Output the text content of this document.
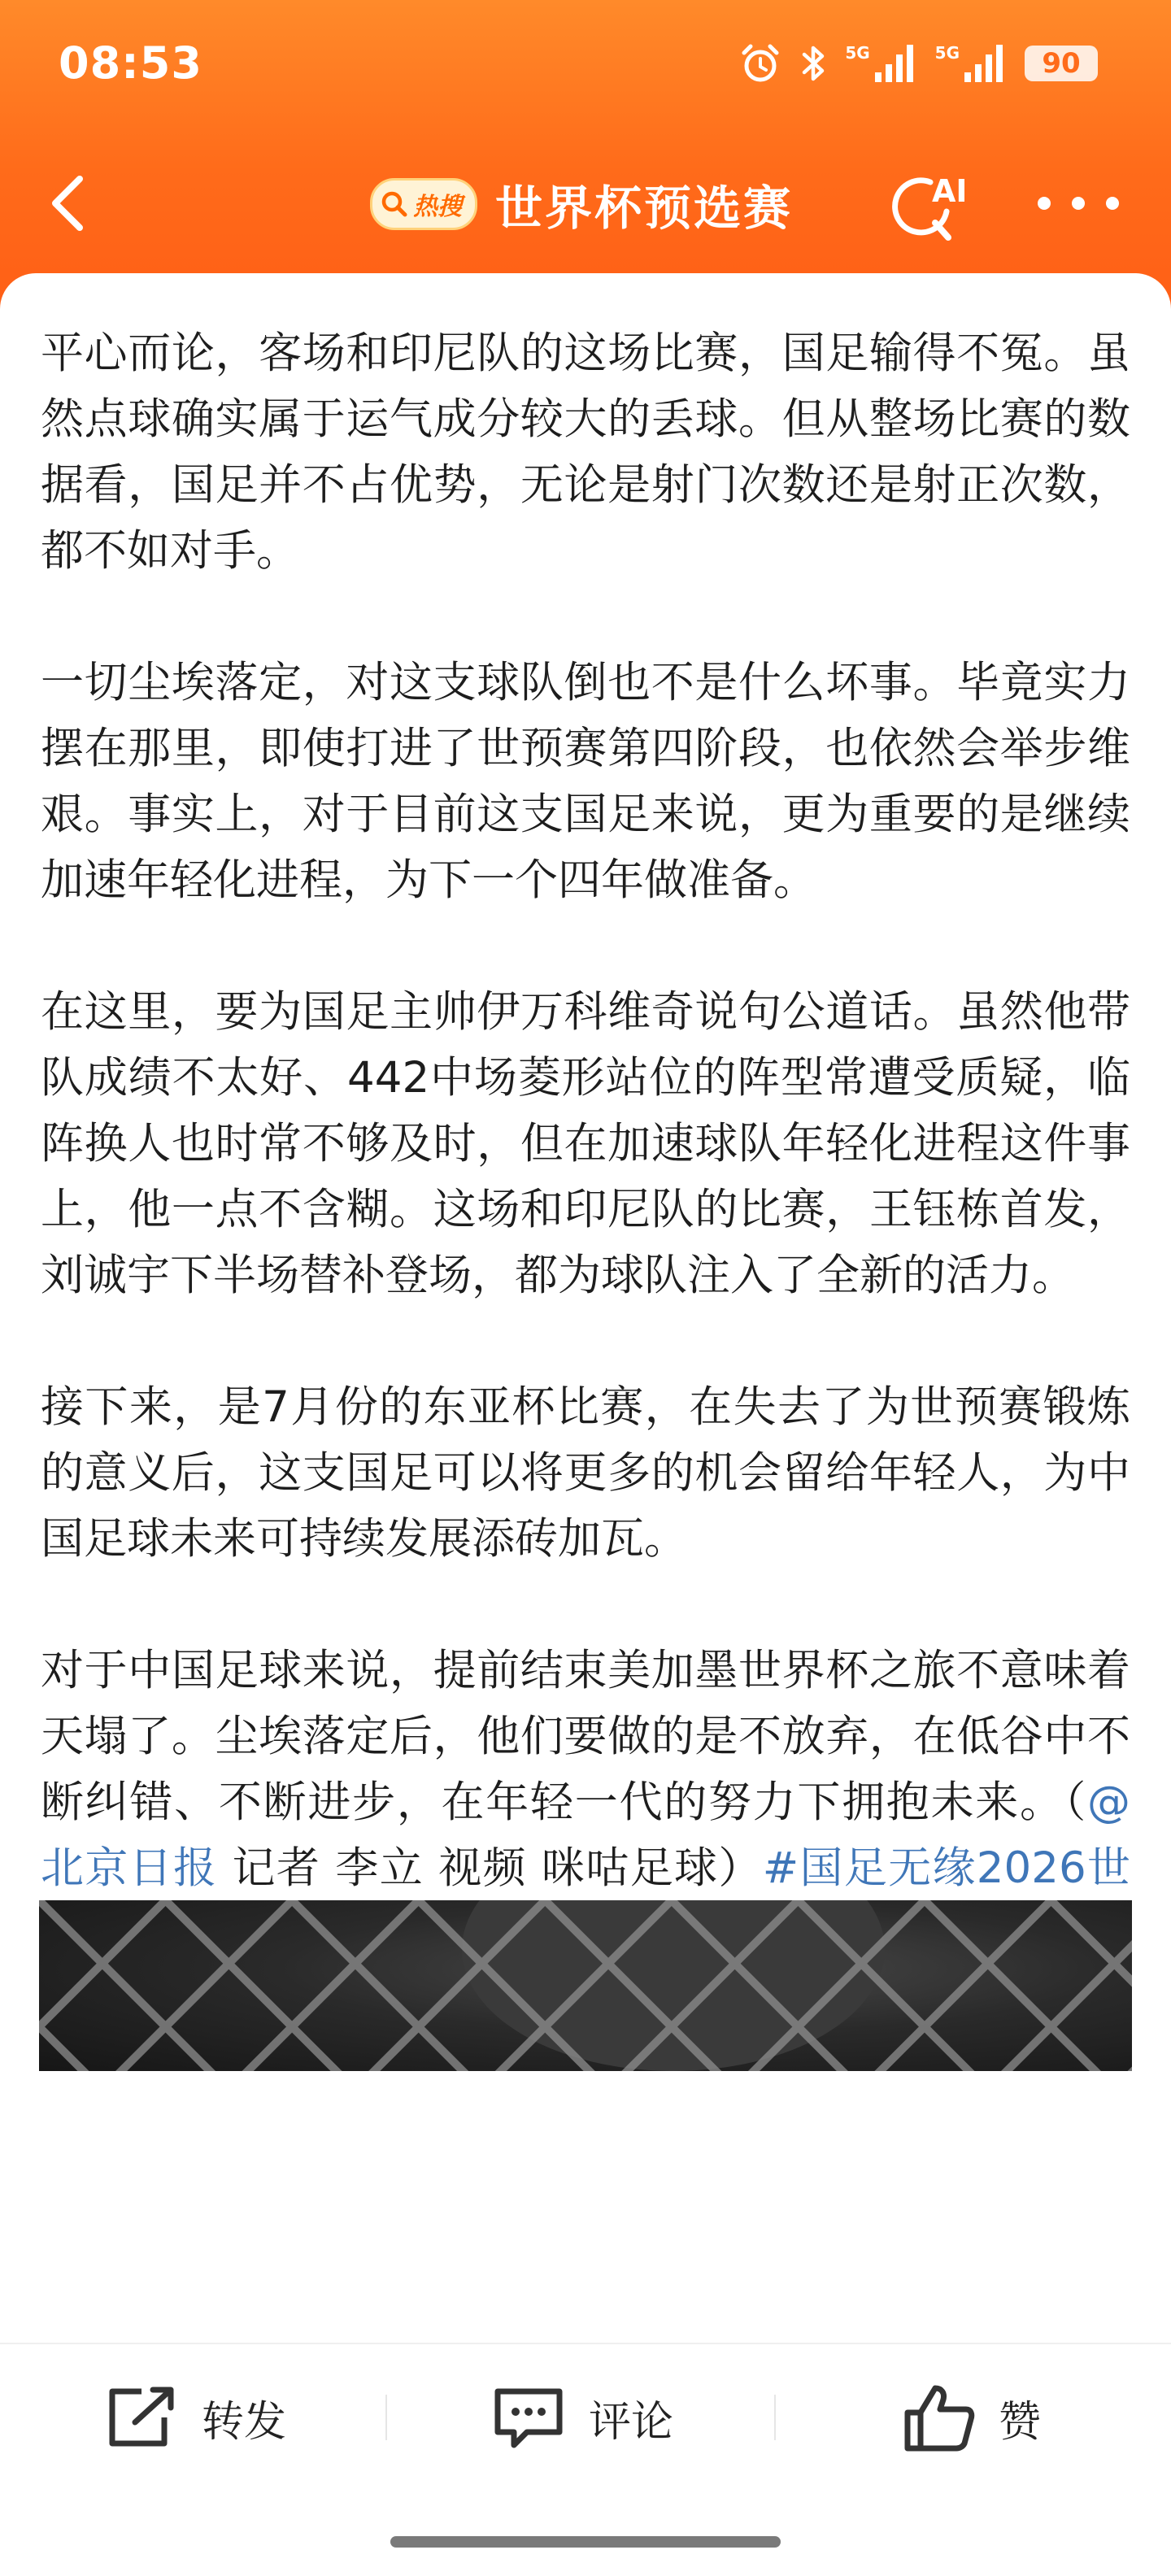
08:53	5G	5G	90
热搜 世界杯预选赛	AI

平心而论，客场和印尼队的这场比赛，国足输得不冤。虽然点球确实属于运气成分较大的丢球。但从整场比赛的数据看，国足并不占优势，无论是射门次数还是射正次数，都不如对手。

一切尘埃落定，对这支球队倒也不是什么坏事。毕竟实力摆在那里，即使打进了世预赛第四阶段，也依然会举步维艰。事实上，对于目前这支国足来说，更为重要的是继续加速年轻化进程，为下一个四年做准备。

在这里，要为国足主帅伊万科维奇说句公道话。虽然他带队成绩不太好、442中场菱形站位的阵型常遭受质疑，临阵换人也时常不够及时，但在加速球队年轻化进程这件事上，他一点不含糊。这场和印尼队的比赛，王钰栋首发，刘诚宇下半场替补登场，都为球队注入了全新的活力。

接下来，是7月份的东亚杯比赛，在失去了为世预赛锻炼的意义后，这支国足可以将更多的机会留给年轻人，为中国足球未来可持续发展添砖加瓦。

对于中国足球来说，提前结束美加墨世界杯之旅不意味着天塌了。尘埃落定后，他们要做的是不放弃，在低谷中不断纠错、不断进步，在年轻一代的努力下拥抱未来。（@北京日报 记者 李立 视频 咪咕足球）#国足无缘2026世

转发	评论	赞
